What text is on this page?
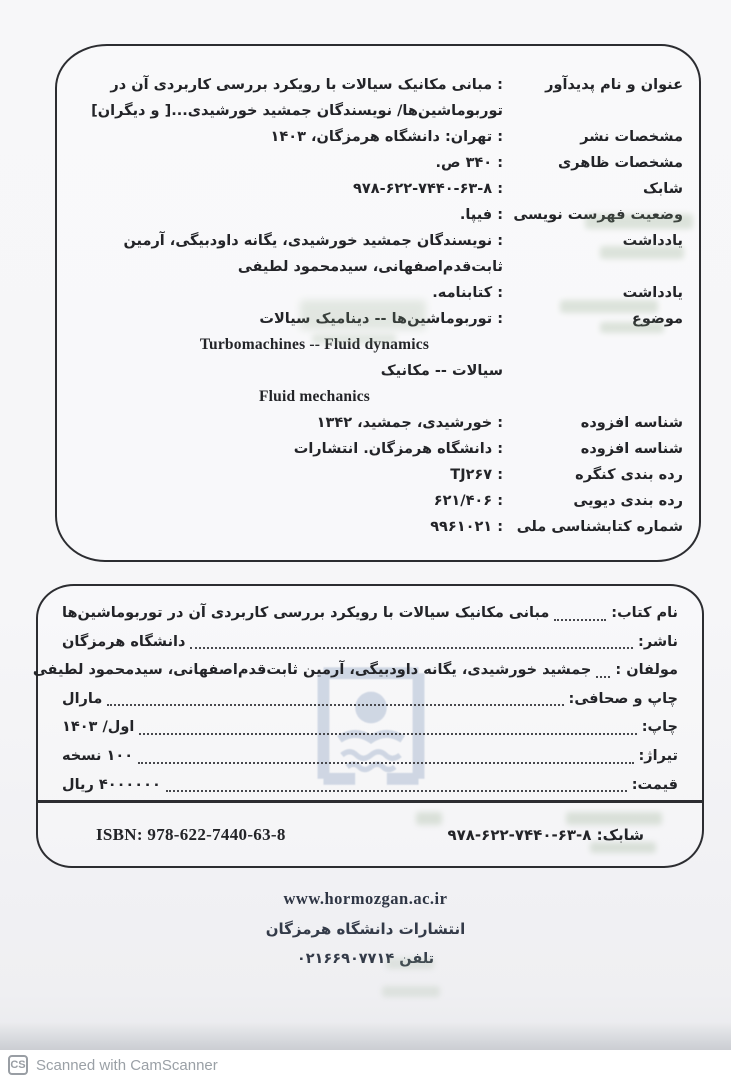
عنوان و نام پدیدآور
: مبانی مکانیک سیالات با رویکرد بررسی کاربردی آن در توربوماشین‌ها/ نویسندگان جمشید خورشیدی...[ و دیگران]
مشخصات نشر
: تهران: دانشگاه هرمزگان، ۱۴۰۳
مشخصات ظاهری
: ۳۴۰ ص.
شابک
: ۹۷۸-۶۲۲-۷۴۴۰-۶۳-۸
وضعیت فهرست نویسی
: فیپا.
یادداشت
: نویسندگان جمشید خورشیدی، یگانه داودبیگی، آرمین ثابت‌قدم‌اصفهانی، سیدمحمود لطیفی
یادداشت
: کتابنامه.
موضوع
: توربوماشین‌ها -- دینامیک سیالات
Turbomachines -- Fluid dynamics
سیالات -- مکانیک
Fluid mechanics
شناسه افزوده
: خورشیدی، جمشید، ۱۳۴۲
شناسه افزوده
: دانشگاه هرمزگان. انتشارات
رده بندی کنگره
: TJ۲۶۷
رده بندی دیویی
: ۶۲۱/۴۰۶
شماره کتابشناسی ملی
: ۹۹۶۱۰۲۱
نام کتاب:
مبانی مکانیک سیالات با رویکرد بررسی کاربردی آن در توربوماشین‌ها
ناشر:
دانشگاه هرمزگان
مولفان :
جمشید خورشیدی، یگانه داودبیگی، آرمین ثابت‌قدم‌اصفهانی، سیدمحمود لطیفی
چاپ و صحافی:
مارال
چاپ:
اول/ ۱۴۰۳
تیراژ:
۱۰۰ نسخه
قیمت:
۴۰۰۰۰۰۰ ریال
شابک: ۹۷۸-۶۲۲-۷۴۴۰-۶۳-۸
ISBN: 978-622-7440-63-8
www.hormozgan.ac.ir
انتشارات دانشگاه هرمزگان
تلفن ۰۲۱۶۶۹۰۷۷۱۴
CS Scanned with CamScanner
